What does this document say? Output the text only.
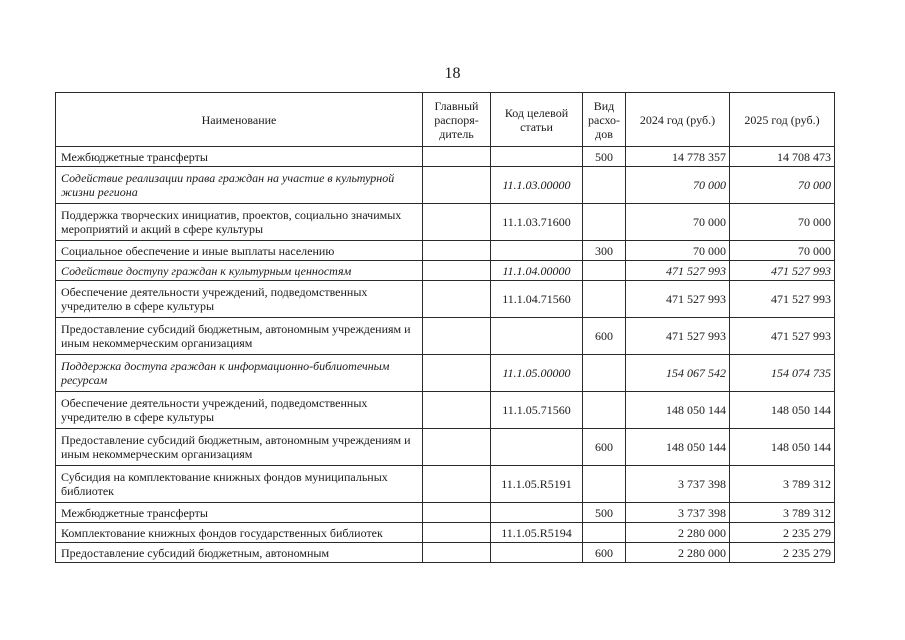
18
Наименование	Главный распоря-дитель	Код целевой статьи	Вид расхо-дов	2024 год (руб.)	2025 год (руб.)
Межбюджетные трансферты			500	14 778 357	14 708 473
Содействие реализации права граждан на участие в культурной жизни региона		11.1.03.00000		70 000	70 000
Поддержка творческих инициатив, проектов, социально значимых мероприятий и акций в сфере культуры		11.1.03.71600		70 000	70 000
Социальное обеспечение и иные выплаты населению			300	70 000	70 000
Содействие доступу граждан к культурным ценностям		11.1.04.00000		471 527 993	471 527 993
Обеспечение деятельности учреждений, подведомственных учредителю в сфере культуры		11.1.04.71560		471 527 993	471 527 993
Предоставление субсидий бюджетным, автономным учреждениям и иным некоммерческим организациям			600	471 527 993	471 527 993
Поддержка доступа граждан к информационно-библиотечным ресурсам		11.1.05.00000		154 067 542	154 074 735
Обеспечение деятельности учреждений, подведомственных учредителю в сфере культуры		11.1.05.71560		148 050 144	148 050 144
Предоставление субсидий бюджетным, автономным учреждениям и иным некоммерческим организациям			600	148 050 144	148 050 144
Субсидия на комплектование книжных фондов муниципальных библиотек		11.1.05.R5191		3 737 398	3 789 312
Межбюджетные трансферты			500	3 737 398	3 789 312
Комплектование книжных фондов государственных библиотек		11.1.05.R5194		2 280 000	2 235 279
Предоставление субсидий бюджетным, автономным			600	2 280 000	2 235 279
